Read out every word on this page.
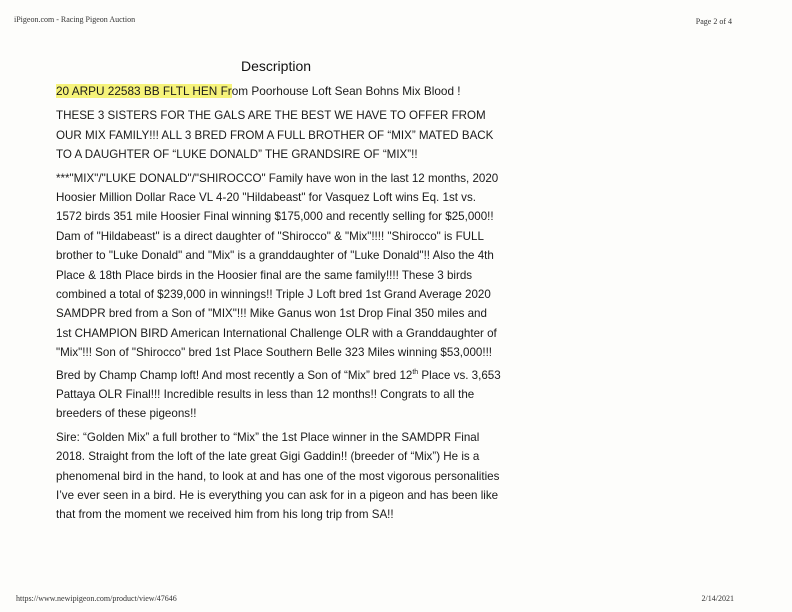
iPigeon.com - Racing Pigeon Auction	Page 2 of 4
Description

20 ARPU 22583 BB FLTL HEN From Poorhouse Loft Sean Bohns Mix Blood !

THESE 3 SISTERS FOR THE GALS ARE THE BEST WE HAVE TO OFFER FROM
OUR MIX FAMILY!!! ALL 3 BRED FROM A FULL BROTHER OF “MIX” MATED BACK
TO A DAUGHTER OF “LUKE DONALD” THE GRANDSIRE OF “MIX”!!

***"MIX"/"LUKE DONALD"/"SHIROCCO" Family have won in the last 12 months, 2020
Hoosier Million Dollar Race VL 4-20 "Hildabeast" for Vasquez Loft wins Eq. 1st vs.
1572 birds 351 mile Hoosier Final winning $175,000 and recently selling for $25,000!!
Dam of "Hildabeast" is a direct daughter of "Shirocco" & "Mix"!!!! "Shirocco" is FULL
brother to "Luke Donald" and "Mix" is a granddaughter of "Luke Donald"!! Also the 4th
Place & 18th Place birds in the Hoosier final are the same family!!!! These 3 birds
combined a total of $239,000 in winnings!! Triple J Loft bred 1st Grand Average 2020
SAMDPR bred from a Son of "MIX"!!! Mike Ganus won 1st Drop Final 350 miles and
1st CHAMPION BIRD American International Challenge OLR with a Granddaughter of
"Mix"!!! Son of "Shirocco" bred 1st Place Southern Belle 323 Miles winning $53,000!!!
Bred by Champ Champ loft! And most recently a Son of “Mix” bred 12th Place vs. 3,653
Pattaya OLR Final!!! Incredible results in less than 12 months!! Congrats to all the
breeders of these pigeons!!

Sire: “Golden Mix” a full brother to “Mix” the 1st Place winner in the SAMDPR Final
2018. Straight from the loft of the late great Gigi Gaddin!! (breeder of “Mix”) He is a
phenomenal bird in the hand, to look at and has one of the most vigorous personalities
I’ve ever seen in a bird. He is everything you can ask for in a pigeon and has been like
that from the moment we received him from his long trip from SA!!

https://www.newipigeon.com/product/view/47646	2/14/2021
